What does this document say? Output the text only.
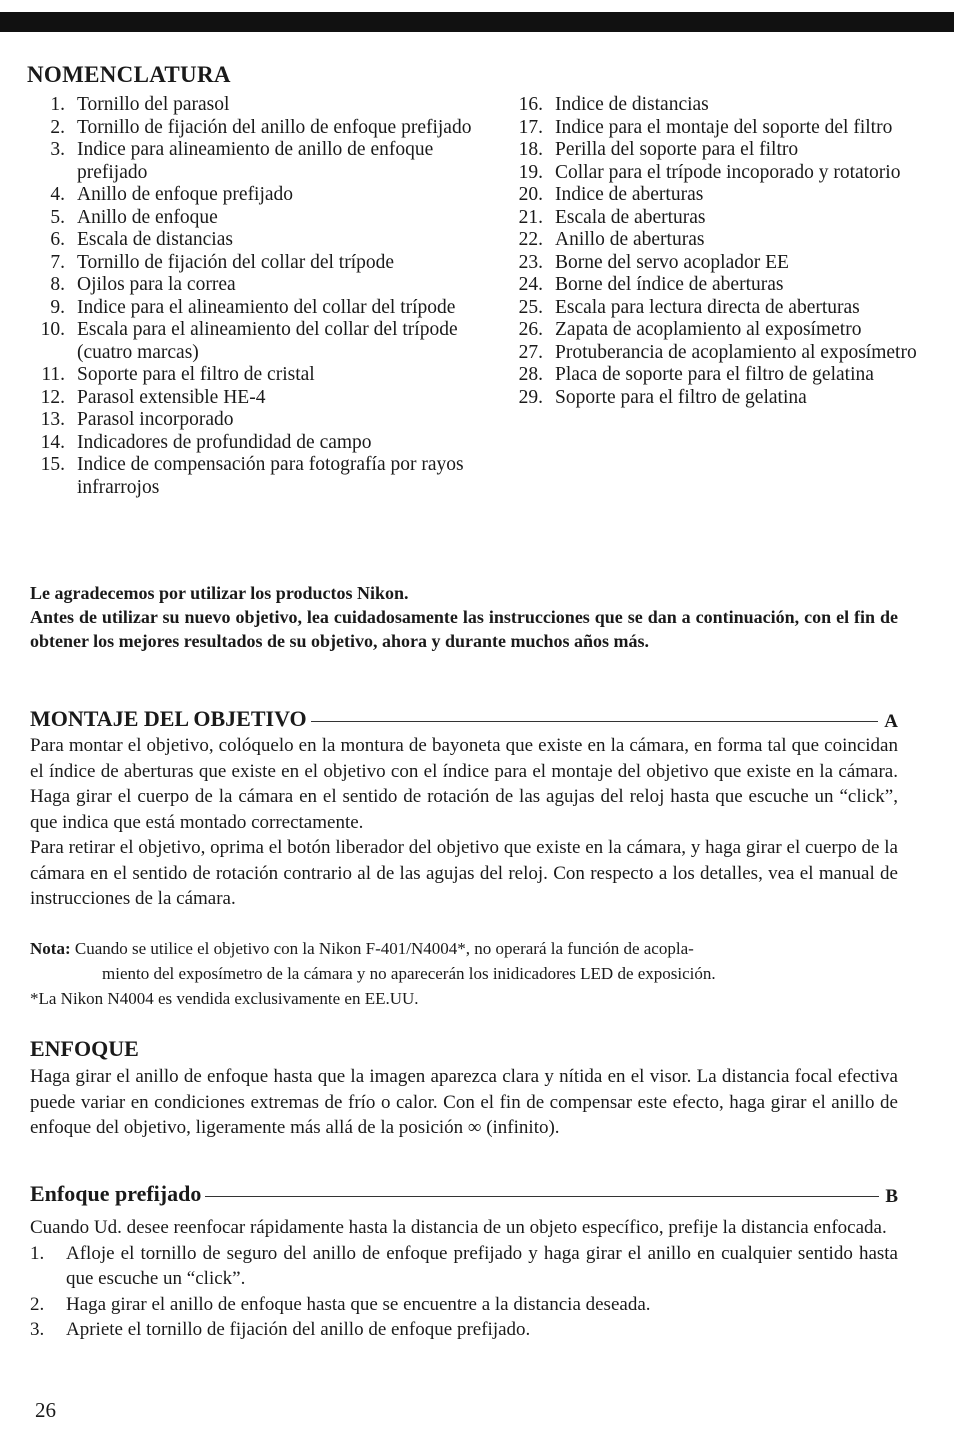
NOMENCLATURA
1. Tornillo del parasol
2. Tornillo de fijación del anillo de enfoque prefijado
3. Indice para alineamiento de anillo de enfoque prefijado
4. Anillo de enfoque prefijado
5. Anillo de enfoque
6. Escala de distancias
7. Tornillo de fijación del collar del trípode
8. Ojilos para la correa
9. Indice para el alineamiento del collar del trípode
10. Escala para el alineamiento del collar del trípode (cuatro marcas)
11. Soporte para el filtro de cristal
12. Parasol extensible HE-4
13. Parasol incorporado
14. Indicadores de profundidad de campo
15. Indice de compensación para fotografía por rayos infrarrojos
16. Indice de distancias
17. Indice para el montaje del soporte del filtro
18. Perilla del soporte para el filtro
19. Collar para el trípode incoporado y rotatorio
20. Indice de aberturas
21. Escala de aberturas
22. Anillo de aberturas
23. Borne del servo acoplador EE
24. Borne del índice de aberturas
25. Escala para lectura directa de aberturas
26. Zapata de acoplamiento al exposímetro
27. Protuberancia de acoplamiento al exposímetro
28. Placa de soporte para el filtro de gelatina
29. Soporte para el filtro de gelatina

Le agradecemos por utilizar los productos Nikon.

Antes de utilizar su nuevo objetivo, lea cuidadosamente las instrucciones que se dan a continuación, con el fin de obtener los mejores resultados de su objetivo, ahora y durante muchos años más.

MONTAJE DEL OBJETIVO	A

Para montar el objetivo, colóquelo en la montura de bayoneta que existe en la cámara, en forma tal que coincidan el índice de aberturas que existe en el objetivo con el índice para el montaje del objetivo que existe en la cámara. Haga girar el cuerpo de la cámara en el sentido de rotación de las agujas del reloj hasta que escuche un “click”, que indica que está montado correctamente.

Para retirar el objetivo, oprima el botón liberador del objetivo que existe en la cámara, y haga girar el cuerpo de la cámara en el sentido de rotación contrario al de las agujas del reloj. Con respecto a los detalles, vea el manual de instrucciones de la cámara.

Nota: Cuando se utilice el objetivo con la Nikon F-401/N4004*, no operará la función de acopla-

miento del exposímetro de la cámara y no aparecerán los inidicadores LED de exposición.

*La Nikon N4004 es vendida exclusivamente en EE.UU.

ENFOQUE

Haga girar el anillo de enfoque hasta que la imagen aparezca clara y nítida en el visor. La distancia focal efectiva puede variar en condiciones extremas de frío o calor. Con el fin de compensar este efecto, haga girar el anillo de enfoque del objetivo, ligeramente más allá de la posición ∞ (infinito).

Enfoque prefijado	B

Cuando Ud. desee reenfocar rápidamente hasta la distancia de un objeto específico, prefije la distancia enfocada.

1. Afloje el tornillo de seguro del anillo de enfoque prefijado y haga girar el anillo en cualquier sentido hasta que escuche un “click”.
2. Haga girar el anillo de enfoque hasta que se encuentre a la distancia deseada.
3. Apriete el tornillo de fijación del anillo de enfoque prefijado.
26
